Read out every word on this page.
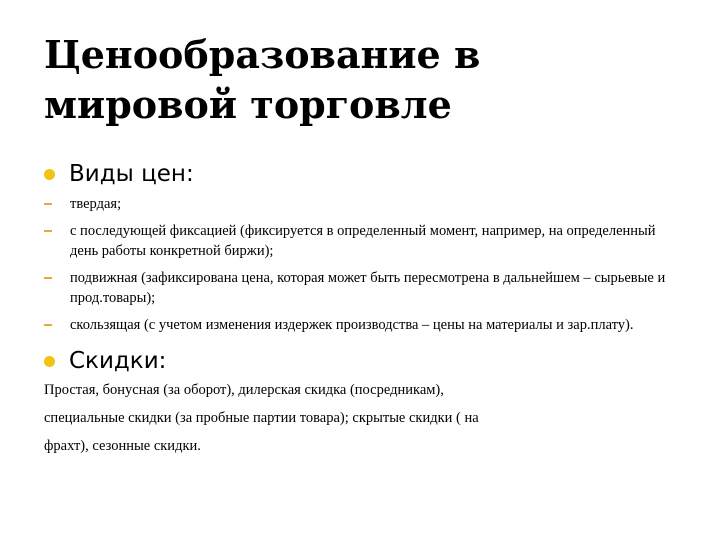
Ценообразование в мировой торговле
Виды цен:
твердая;
с последующей фиксацией (фиксируется в определенный момент, например, на определенный день работы конкретной биржи);
подвижная (зафиксирована цена, которая может быть пересмотрена в дальнейшем – сырьевые и прод.товары);
скользящая (с учетом изменения издержек производства – цены на материалы и зар.плату).
Скидки:
Простая, бонусная (за оборот), дилерская скидка (посредникам),
специальные скидки (за пробные партии товара); скрытые скидки ( на
фрахт), сезонные скидки.
